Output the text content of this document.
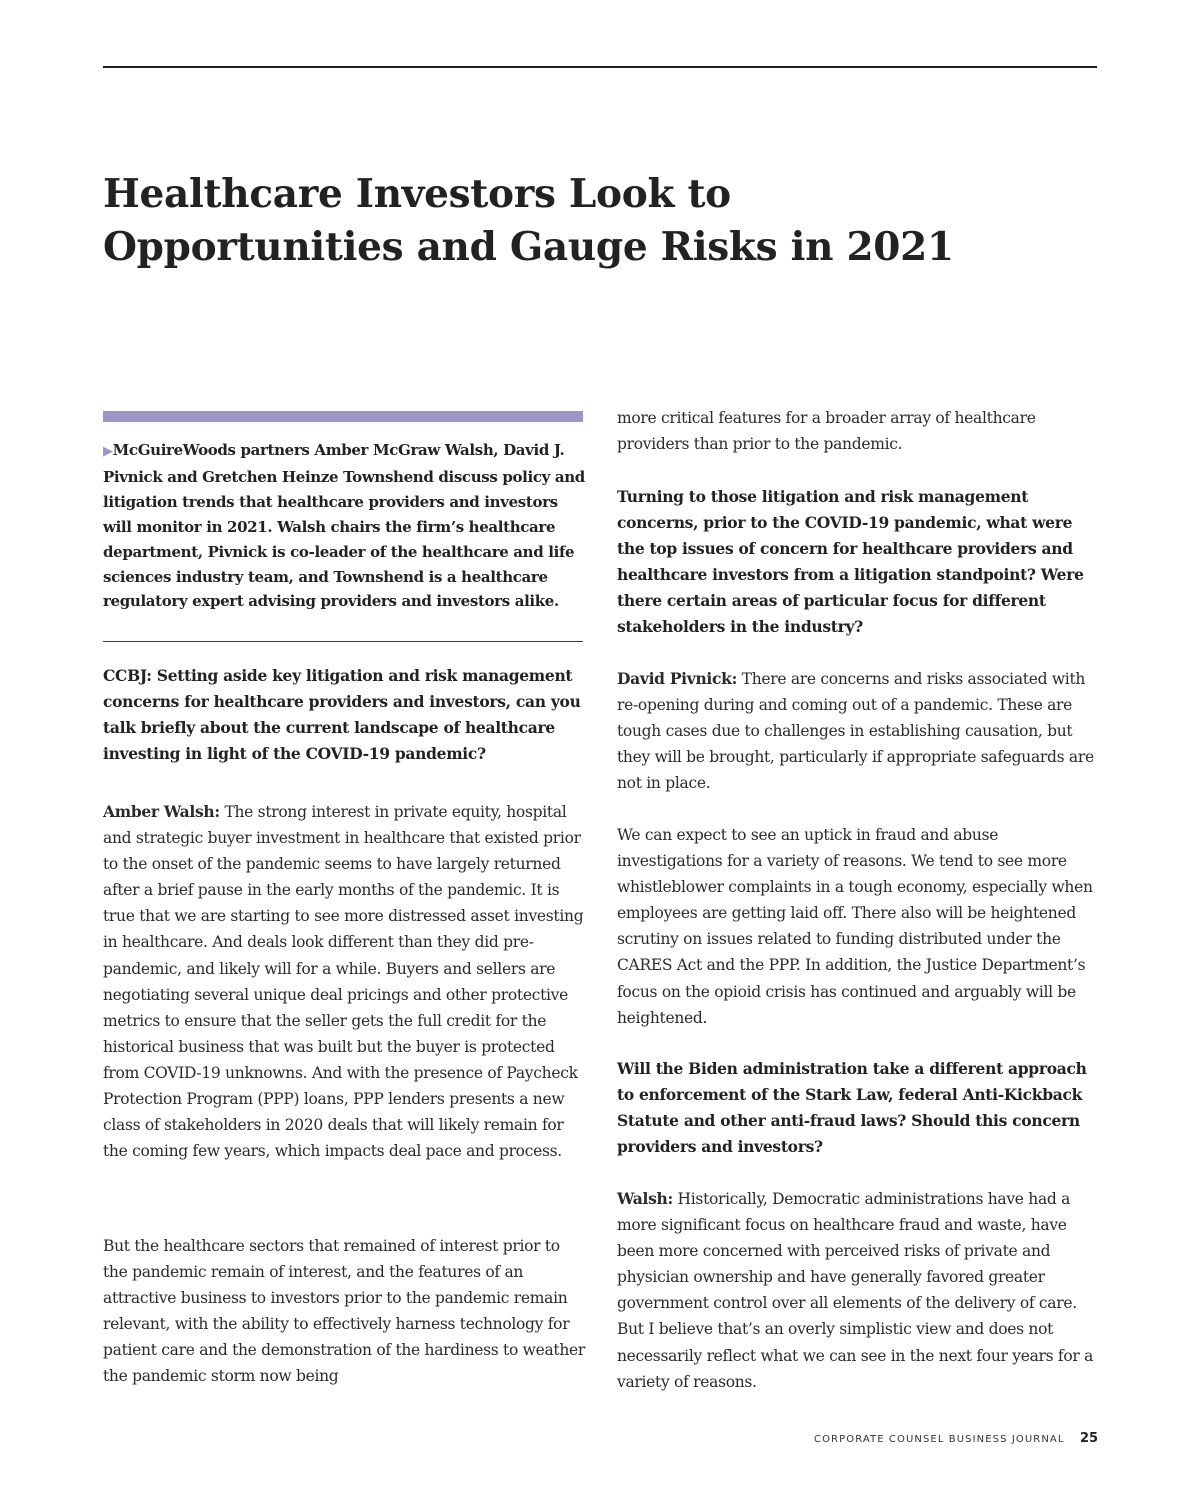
Healthcare Investors Look to
Opportunities and Gauge Risks in 2021

▶McGuireWoods partners Amber McGraw Walsh, David J. Pivnick and Gretchen Heinze Townshend discuss policy and litigation trends that healthcare providers and investors will monitor in 2021. Walsh chairs the firm’s healthcare department, Pivnick is co-leader of the healthcare and life sciences industry team, and Townshend is a healthcare regulatory expert advising providers and investors alike.

CCBJ: Setting aside key litigation and risk management concerns for healthcare providers and investors, can you talk briefly about the current landscape of healthcare investing in light of the COVID-19 pandemic?

Amber Walsh: The strong interest in private equity, hospital and strategic buyer investment in healthcare that existed prior to the onset of the pandemic seems to have largely returned after a brief pause in the early months of the pandemic. It is true that we are starting to see more distressed asset investing in healthcare. And deals look different than they did pre-pandemic, and likely will for a while. Buyers and sellers are negotiating several unique deal pricings and other protective metrics to ensure that the seller gets the full credit for the historical business that was built but the buyer is protected from COVID-19 unknowns. And with the presence of Paycheck Protection Program (PPP) loans, PPP lenders presents a new class of stakeholders in 2020 deals that will likely remain for the coming few years, which impacts deal pace and process.

But the healthcare sectors that remained of interest prior to the pandemic remain of interest, and the features of an attractive business to investors prior to the pandemic remain relevant, with the ability to effectively harness technology for patient care and the demonstration of the hardiness to weather the pandemic storm now being

more critical features for a broader array of healthcare providers than prior to the pandemic.

Turning to those litigation and risk management concerns, prior to the COVID-19 pandemic, what were the top issues of concern for healthcare providers and healthcare investors from a litigation standpoint? Were there certain areas of particular focus for different stakeholders in the industry?

David Pivnick: There are concerns and risks associated with re-opening during and coming out of a pandemic. These are tough cases due to challenges in establishing causation, but they will be brought, particularly if appropriate safeguards are not in place.

We can expect to see an uptick in fraud and abuse investigations for a variety of reasons. We tend to see more whistleblower complaints in a tough economy, especially when employees are getting laid off. There also will be heightened scrutiny on issues related to funding distributed under the CARES Act and the PPP. In addition, the Justice Department’s focus on the opioid crisis has continued and arguably will be heightened.

Will the Biden administration take a different approach to enforcement of the Stark Law, federal Anti-Kickback Statute and other anti-fraud laws? Should this concern providers and investors?

Walsh: Historically, Democratic administrations have had a more significant focus on healthcare fraud and waste, have been more concerned with perceived risks of private and physician ownership and have generally favored greater government control over all elements of the delivery of care. But I believe that’s an overly simplistic view and does not necessarily reflect what we can see in the next four years for a variety of reasons.

CORPORATE COUNSEL BUSINESS JOURNAL 25
